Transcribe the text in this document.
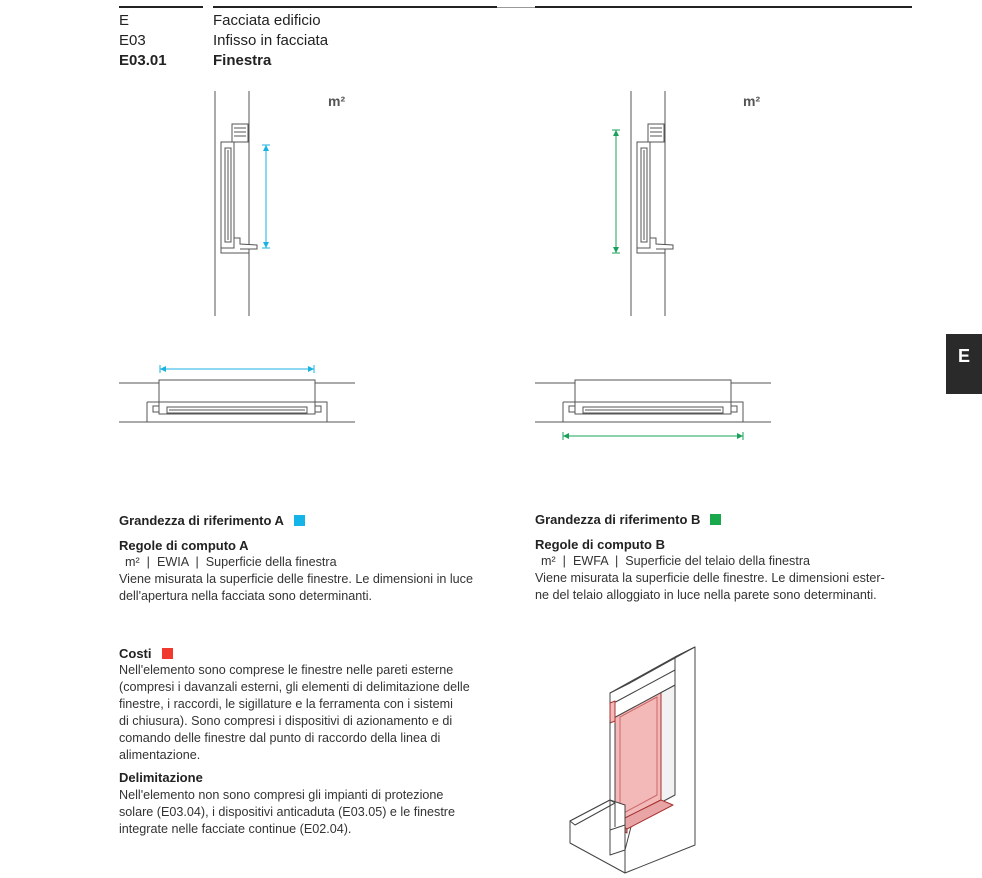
E	Facciata edificio
E03	Infisso in facciata
E03.01	Finestra
E
m²	m²
Grandezza di riferimento A
Regole di computo A
m²  |  EWIA  |  Superficie della finestra
Viene misurata la superficie delle finestre. Le dimensioni in luce
dell'apertura nella facciata sono determinanti.
Grandezza di riferimento B
Regole di computo B
m²  |  EWFA  |  Superficie del telaio della finestra
Viene misurata la superficie delle finestre. Le dimensioni ester-
ne del telaio alloggiato in luce nella parete sono determinanti.
Costi
Nell'elemento sono comprese le finestre nelle pareti esterne
(compresi i davanzali esterni, gli elementi di delimitazione delle
finestre, i raccordi, le sigillature e la ferramenta con i sistemi
di chiusura). Sono compresi i dispositivi di azionamento e di
comando delle finestre dal punto di raccordo della linea di
alimentazione.
Delimitazione
Nell'elemento non sono compresi gli impianti di protezione
solare (E03.04), i dispositivi anticaduta (E03.05) e le finestre
integrate nelle facciate continue (E02.04).
